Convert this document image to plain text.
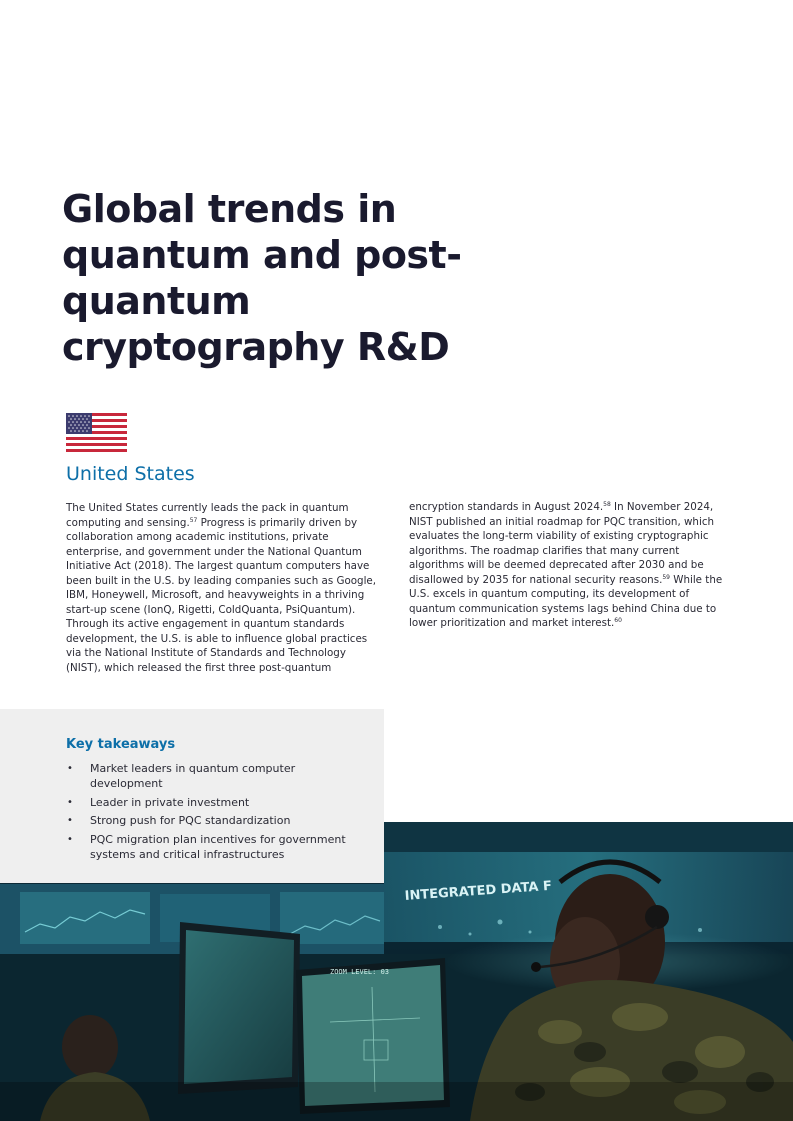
Global trends in quantum and post-quantum cryptography R&D
United States

The United States currently leads the pack in quantum computing and sensing.$^{57}$ Progress is primarily driven by collaboration among academic institutions, private enterprise, and government under the National Quantum Initiative Act (2018). The largest quantum computers have been built in the U.S. by leading companies such as Google, IBM, Honeywell, Microsoft, and heavyweights in a thriving start-up scene (IonQ, Rigetti, ColdQuanta, PsiQuantum). Through its active engagement in quantum standards development, the U.S. is able to influence global practices via the National Institute of Standards and Technology (NIST), which released the first three post-quantum

encryption standards in August 2024.58 In November 2024, NIST published an initial roadmap for PQC transition, which evaluates the long-term viability of existing cryptographic algorithms. The roadmap clarifies that many current algorithms will be deemed deprecated after 2030 and be disallowed by 2035 for national security reasons.$^{59}$ While the U.S. excels in quantum computing, its development of quantum communication systems lags behind China due to lower prioritization and market interest.$^{60}$

INTEGRATED DATA F
ZOOM LEVEL: 03
Key takeaways
• Market leaders in quantum computer development
• Leader in private investment
• Strong push for PQC standardization
• PQC migration plan incentives for government systems and critical infrastructures
